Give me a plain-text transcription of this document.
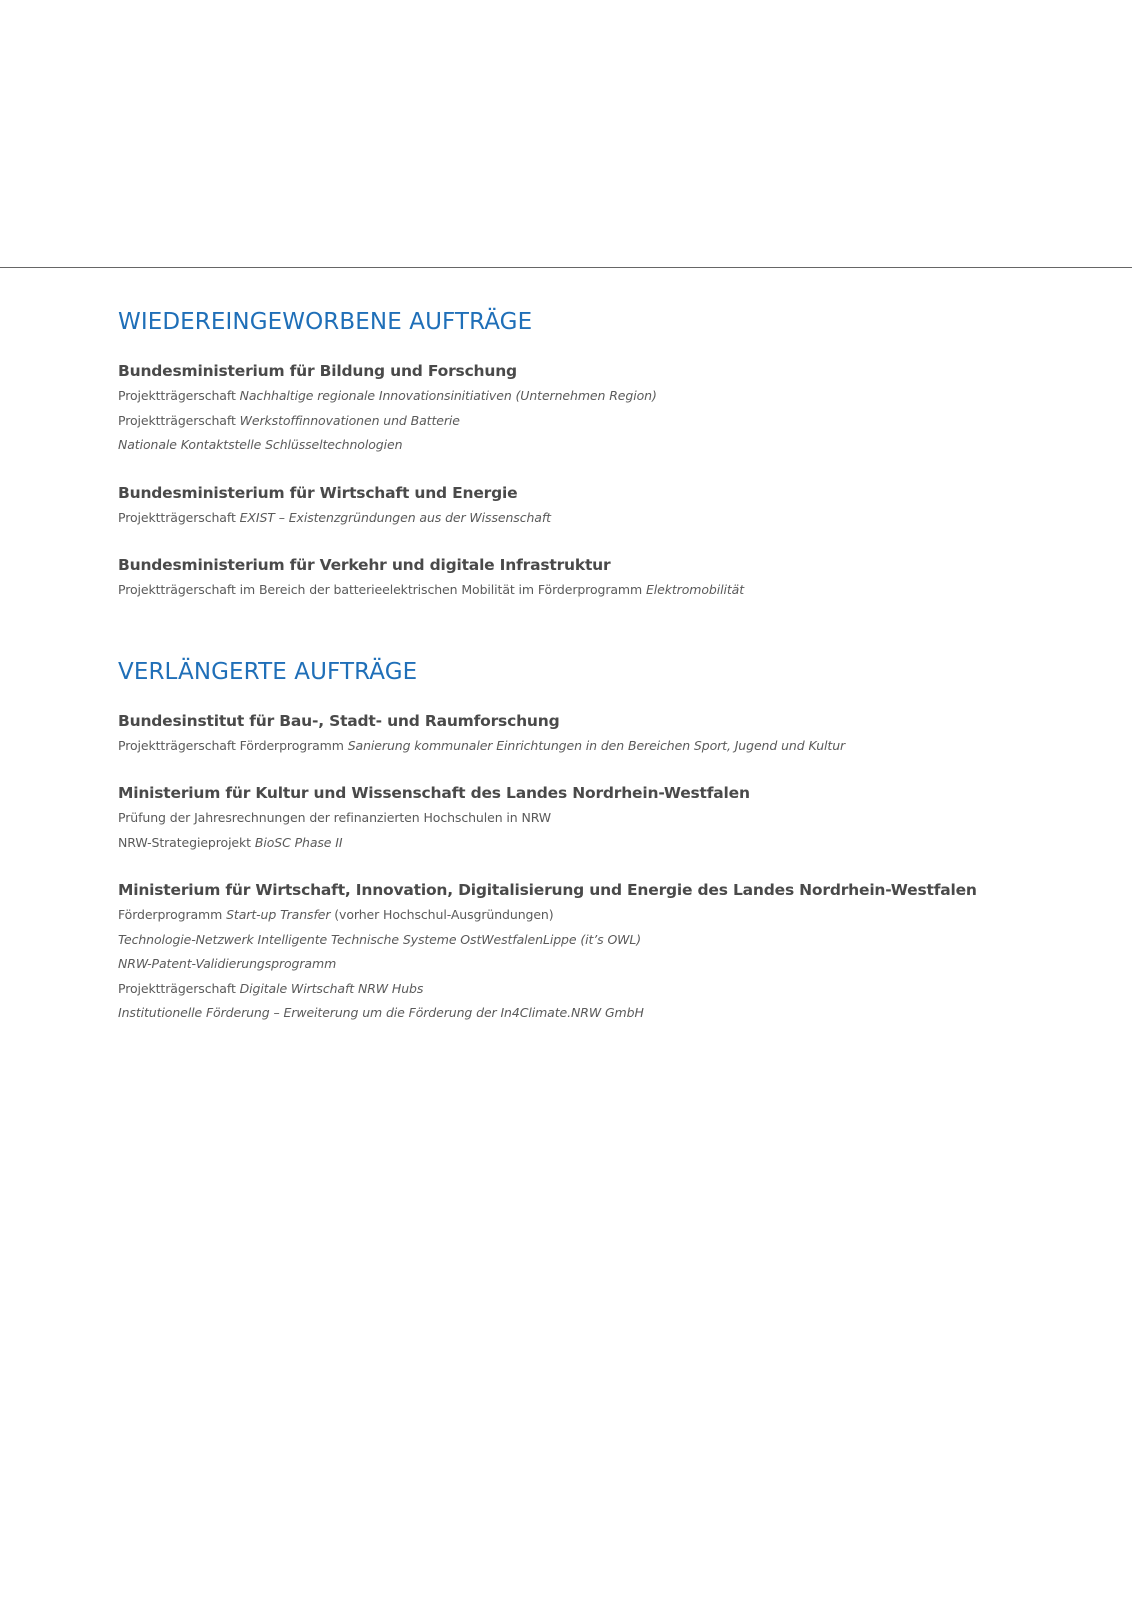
WIEDEREINGEWORBENE AUFTRÄGE
Bundesministerium für Bildung und Forschung
Projektträgerschaft Nachhaltige regionale Innovationsinitiativen (Unternehmen Region)
Projektträgerschaft Werkstoffinnovationen und Batterie
Nationale Kontaktstelle Schlüsseltechnologien
Bundesministerium für Wirtschaft und Energie
Projektträgerschaft EXIST – Existenzgründungen aus der Wissenschaft
Bundesministerium für Verkehr und digitale Infrastruktur
Projektträgerschaft im Bereich der batterieelektrischen Mobilität im Förderprogramm Elektromobilität
VERLÄNGERTE AUFTRÄGE
Bundesinstitut für Bau-, Stadt- und Raumforschung
Projektträgerschaft Förderprogramm Sanierung kommunaler Einrichtungen in den Bereichen Sport, Jugend und Kultur
Ministerium für Kultur und Wissenschaft des Landes Nordrhein-Westfalen
Prüfung der Jahresrechnungen der refinanzierten Hochschulen in NRW
NRW-Strategieprojekt BioSC Phase II
Ministerium für Wirtschaft, Innovation, Digitalisierung und Energie des Landes Nordrhein-Westfalen
Förderprogramm Start-up Transfer (vorher Hochschul-Ausgründungen)
Technologie-Netzwerk Intelligente Technische Systeme OstWestfalenLippe (it’s OWL)
NRW-Patent-Validierungsprogramm
Projektträgerschaft Digitale Wirtschaft NRW Hubs
Institutionelle Förderung – Erweiterung um die Förderung der In4Climate.NRW GmbH
